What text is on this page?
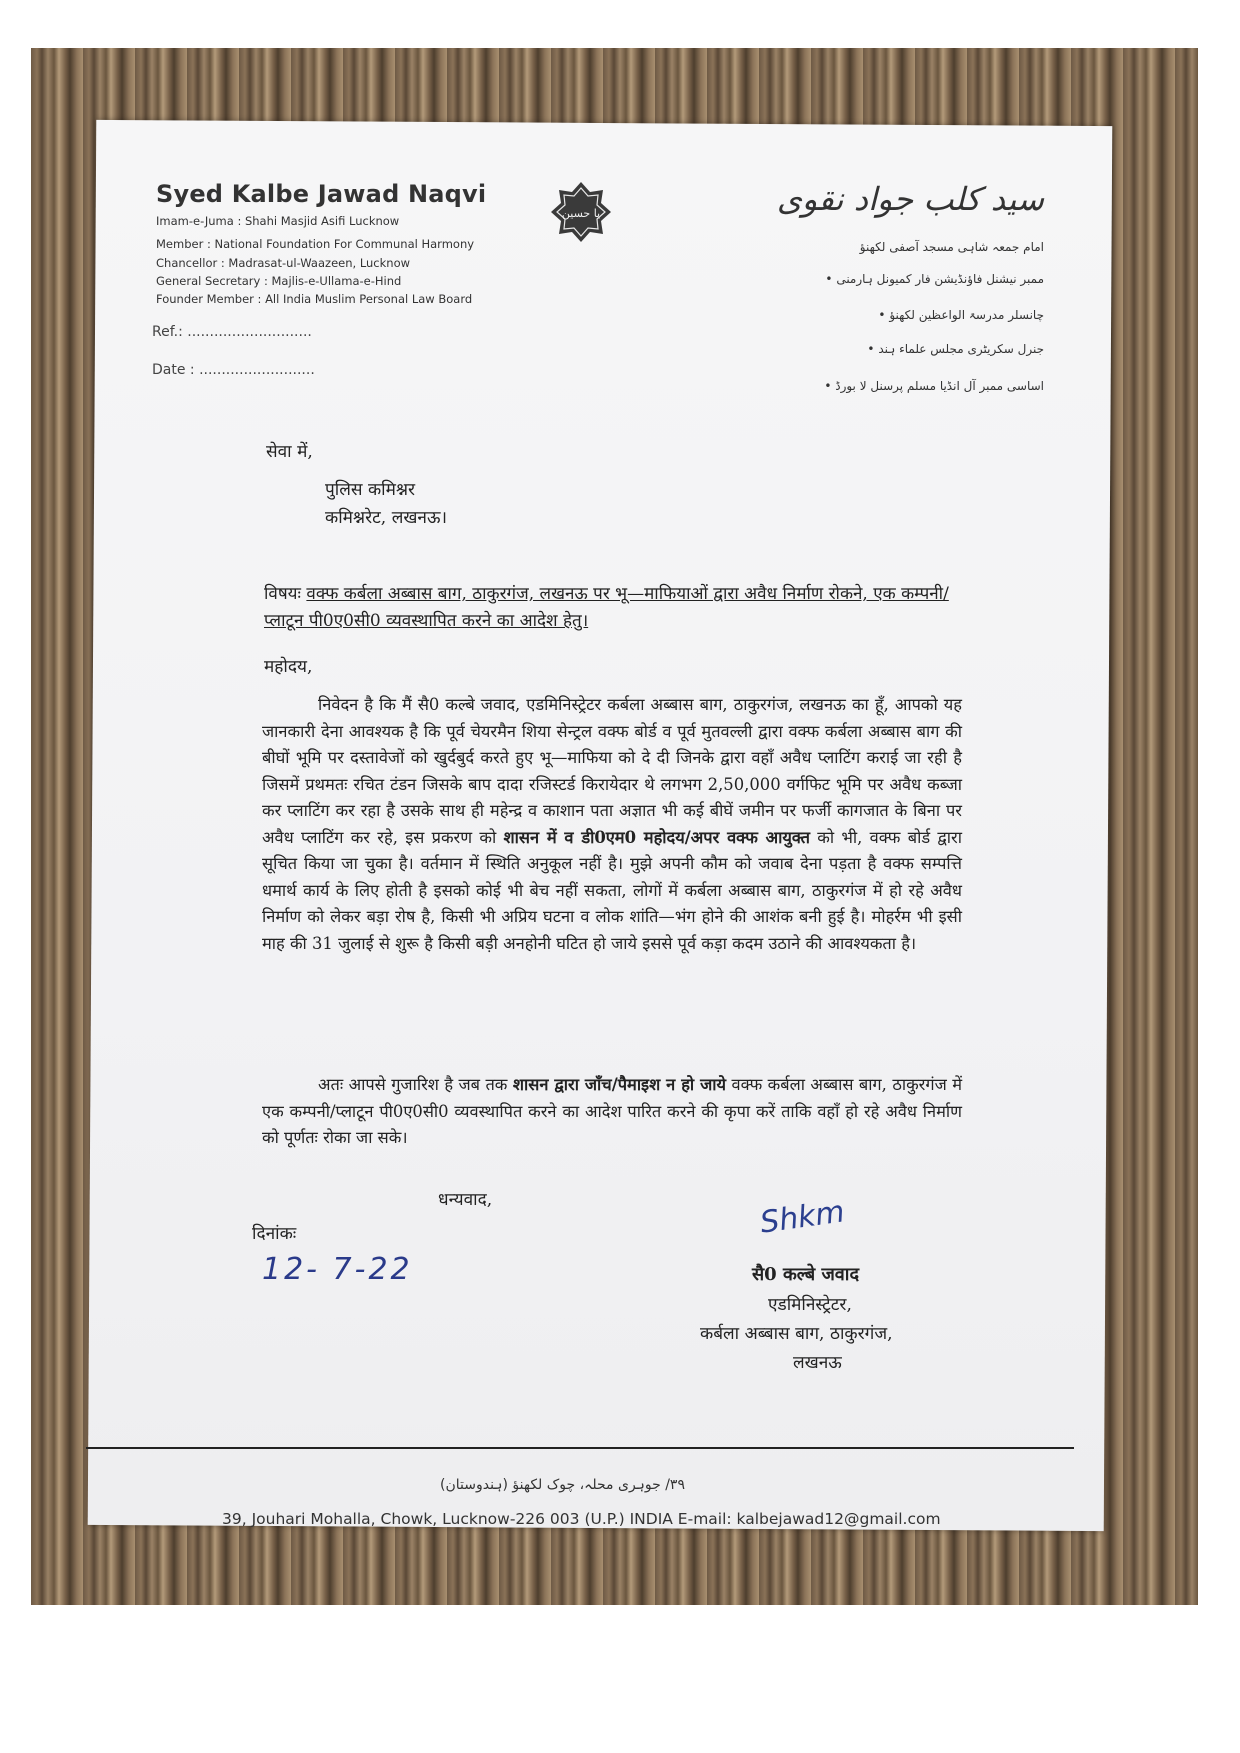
Syed Kalbe Jawad Naqvi
Imam-e-Juma : Shahi Masjid Asifi Lucknow
Member : National Foundation For Communal Harmony
Chancellor : Madrasat-ul-Waazeen, Lucknow
General Secretary : Majlis-e-Ullama-e-Hind
Founder Member : All India Muslim Personal Law Board
Ref.: ............................
Date : ..........................
یا حسین	سید کلب جواد نقوی
امام جمعہ شاہی مسجد آصفی لکھنؤ
ممبر نیشنل فاؤنڈیشن فار کمیونل ہارمنی •
چانسلر مدرسۃ الواعظین لکھنؤ •
جنرل سکریٹری مجلس علماء ہند •
اساسی ممبر آل انڈیا مسلم پرسنل لا بورڈ •
सेवा में,
पुलिस कमिश्नर
कमिश्नरेट, लखनऊ।
विषयः वक्फ कर्बला अब्बास बाग, ठाकुरगंज, लखनऊ पर भू—माफियाओं द्वारा अवैध निर्माण रोकने, एक कम्पनी/प्लाटून पी0ए0सी0 व्यवस्थापित करने का आदेश हेतु।
महोदय,
निवेदन है कि मैं सै0 कल्बे जवाद, एडमिनिस्ट्रेटर कर्बला अब्बास बाग, ठाकुरगंज, लखनऊ का हूँ, आपको यह जानकारी देना आवश्यक है कि पूर्व चेयरमैन शिया सेन्ट्रल वक्फ बोर्ड व पूर्व मुतवल्ली द्वारा वक्फ कर्बला अब्बास बाग की बीघों भूमि पर दस्तावेजों को खुर्दबुर्द करते हुए भू—माफिया को दे दी जिनके द्वारा वहाँ अवैध प्लाटिंग कराई जा रही है जिसमें प्रथमतः रचित टंडन जिसके बाप दादा रजिस्टर्ड किरायेदार थे लगभग 2,50,000 वर्गफिट भूमि पर अवैध कब्जा कर प्लाटिंग कर रहा है उसके साथ ही महेन्द्र व काशान पता अज्ञात भी कई बीघें जमीन पर फर्जी कागजात के बिना पर अवैध प्लाटिंग कर रहे, इस प्रकरण को शासन में व डी0एम0 महोदय/अपर वक्फ आयुक्त को भी, वक्फ बोर्ड द्वारा सूचित किया जा चुका है। वर्तमान में स्थिति अनुकूल नहीं है। मुझे अपनी कौम को जवाब देना पड़ता है वक्फ सम्पत्ति धमार्थ कार्य के लिए होती है इसको कोई भी बेच नहीं सकता, लोगों में कर्बला अब्बास बाग, ठाकुरगंज में हो रहे अवैध निर्माण को लेकर बड़ा रोष है, किसी भी अप्रिय घटना व लोक शांति—भंग होने की आशंक बनी हुई है। मोहर्रम भी इसी माह की 31 जुलाई से शुरू है किसी बड़ी अनहोनी घटित हो जाये इससे पूर्व कड़ा कदम उठाने की आवश्यकता है।
अतः आपसे गुजारिश है जब तक शासन द्वारा जाँच/पैमाइश न हो जाये वक्फ कर्बला अब्बास बाग, ठाकुरगंज में एक कम्पनी/प्लाटून पी0ए0सी0 व्यवस्थापित करने का आदेश पारित करने की कृपा करें ताकि वहाँ हो रहे अवैध निर्माण को पूर्णतः रोका जा सके।
धन्यवाद,
दिनांकः
12- 7-22
Shkm
सै0 कल्बे जवाद
एडमिनिस्ट्रेटर,
कर्बला अब्बास बाग, ठाकुरगंज,
लखनऊ
۳۹/ جوہری محلہ، چوک لکھنؤ (ہندوستان)
39, Jouhari Mohalla, Chowk, Lucknow-226 003 (U.P.) INDIA E-mail: kalbejawad12@gmail.com
